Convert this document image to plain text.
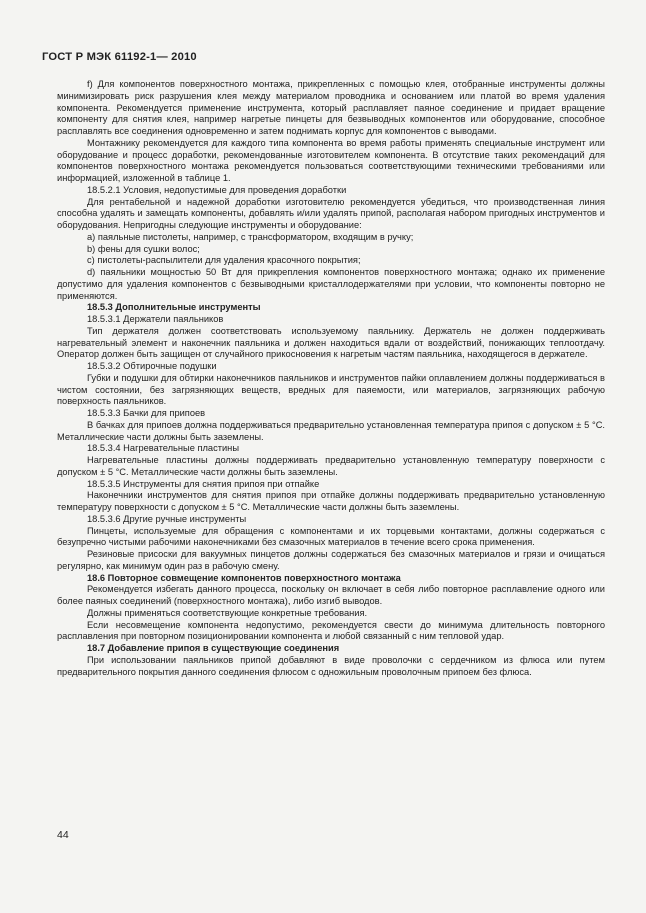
ГОСТ Р МЭК 61192-1— 2010

f) Для компонентов поверхностного монтажа, прикрепленных с помощью клея, отобранные инструменты должны минимизировать риск разрушения клея между материалом проводника и основанием или платой во время удаления компонента. Рекомендуется применение инструмента, который расплавляет паяное соединение и придает вращение компоненту для снятия клея, например нагретые пинцеты для безвыводных компонентов или оборудование, способное расплавлять все соединения одновременно и затем поднимать корпус для компонентов с выводами.

Монтажнику рекомендуется для каждого типа компонента во время работы применять специальные инструмент или оборудование и процесс доработки, рекомендованные изготовителем компонента. В отсутствие таких рекомендаций для компонентов поверхностного монтажа рекомендуется пользоваться соответствующими техническими требованиями или информацией, изложенной в таблице 1.

18.5.2.1 Условия, недопустимые для проведения доработки

Для рентабельной и надежной доработки изготовителю рекомендуется убедиться, что производственная линия способна удалять и замещать компоненты, добавлять и/или удалять припой, располагая набором пригодных инструментов и оборудования. Непригодны следующие инструменты и оборудование:

a) паяльные пистолеты, например, с трансформатором, входящим в ручку;

b) фены для сушки волос;

c) пистолеты-распылители для удаления красочного покрытия;

d) паяльники мощностью 50 Вт для прикрепления компонентов поверхностного монтажа; однако их применение допустимо для удаления компонентов с безвыводными кристаллодержателями при условии, что компоненты повторно не применяются.

18.5.3 Дополнительные инструменты

18.5.3.1 Держатели паяльников

Тип держателя должен соответствовать используемому паяльнику. Держатель не должен поддерживать нагревательный элемент и наконечник паяльника и должен находиться вдали от воздействий, понижающих теплоотдачу. Оператор должен быть защищен от случайного прикосновения к нагретым частям паяльника, находящегося в держателе.

18.5.3.2 Обтирочные подушки

Губки и подушки для обтирки наконечников паяльников и инструментов пайки оплавлением должны поддерживаться в чистом состоянии, без загрязняющих веществ, вредных для паяемости, или материалов, загрязняющих рабочую поверхность паяльников.

18.5.3.3 Бачки для припоев

В бачках для припоев должна поддерживаться предварительно установленная температура припоя с допуском ± 5 °С. Металлические части должны быть заземлены.

18.5.3.4 Нагревательные пластины

Нагревательные пластины должны поддерживать предварительно установленную температуру поверхности с допуском ± 5 °С. Металлические части должны быть заземлены.

18.5.3.5 Инструменты для снятия припоя при отпайке

Наконечники инструментов для снятия припоя при отпайке должны поддерживать предварительно установленную температуру поверхности с допуском ± 5 °С. Металлические части должны быть заземлены.

18.5.3.6 Другие ручные инструменты

Пинцеты, используемые для обращения с компонентами и их торцевыми контактами, должны содержаться с безупречно чистыми рабочими наконечниками без смазочных материалов в течение всего срока применения.

Резиновые присоски для вакуумных пинцетов должны содержаться без смазочных материалов и грязи и очищаться регулярно, как минимум один раз в рабочую смену.

18.6 Повторное совмещение компонентов поверхностного монтажа

Рекомендуется избегать данного процесса, поскольку он включает в себя либо повторное расплавление одного или более паяных соединений (поверхностного монтажа), либо изгиб выводов.

Должны применяться соответствующие конкретные требования.

Если несовмещение компонента недопустимо, рекомендуется свести до минимума длительность повторного расплавления при повторном позиционировании компонента и любой связанный с ним тепловой удар.

18.7 Добавление припоя в существующие соединения

При использовании паяльников припой добавляют в виде проволочки с сердечником из флюса или путем предварительного покрытия данного соединения флюсом с одножильным проволочным припоем без флюса.

44
